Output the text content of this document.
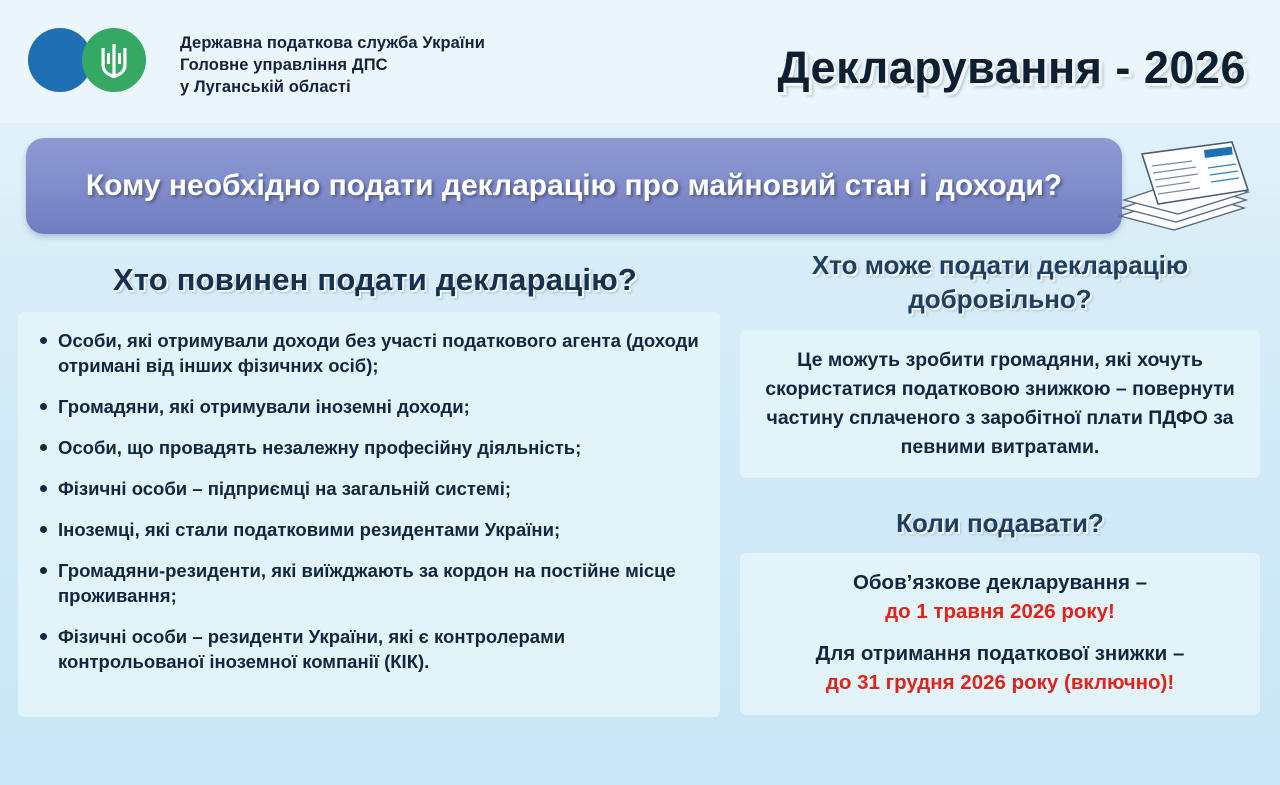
Державна податкова служба України
Головне управління ДПС
у Луганській області	Декларування - 2026
Кому необхідно подати декларацію про майновий стан і доходи?
Хто повинен подати декларацію?
Особи, які отримували доходи без участі податкового агента (доходи отримані від інших фізичних осіб);
Громадяни, які отримували іноземні доходи;
Особи, що провадять незалежну професійну діяльність;
Фізичні особи – підприємці на загальній системі;
Іноземці, які стали податковими резидентами України;
Громадяни-резиденти, які виїжджають за кордон на постійне місце проживання;
Фізичні особи – резиденти України, які є контролерами контрольованої іноземної компанії (КІК).
Хто може подати декларацію добровільно?

Це можуть зробити громадяни, які хочуть скористатися податковою знижкою – повернути частину сплаченого з заробітної плати ПДФО за певними витратами.

Коли подавати?
Обов’язкове декларування –
до 1 травня 2026 року!
Для отримання податкової знижки –
до 31 грудня 2026 року (включно)!
